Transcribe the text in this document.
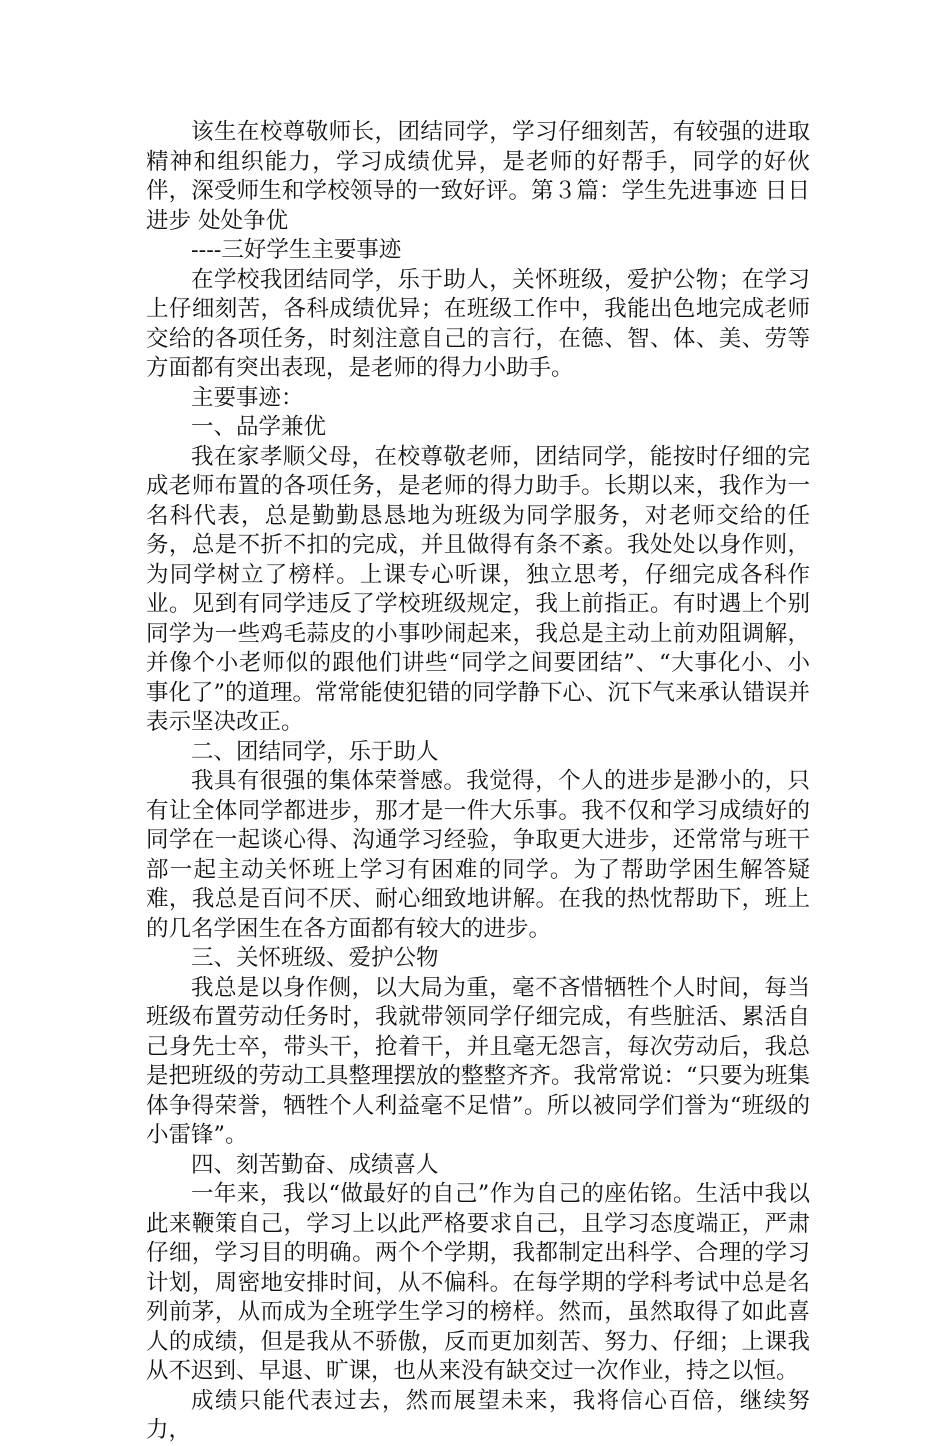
该生在校尊敬师长，团结同学，学习仔细刻苦，有较强的进取精神和组织能力，学习成绩优异，是老师的好帮手，同学的好伙伴，深受师生和学校领导的一致好评。第３篇：学生先进事迹 日日进步 处处争优

----三好学生主要事迹

在学校我团结同学，乐于助人，关怀班级，爱护公物；在学习上仔细刻苦，各科成绩优异；在班级工作中，我能出色地完成老师交给的各项任务，时刻注意自己的言行，在德、智、体、美、劳等方面都有突出表现，是老师的得力小助手。

主要事迹：

一、品学兼优

我在家孝顺父母，在校尊敬老师，团结同学，能按时仔细的完成老师布置的各项任务，是老师的得力助手。长期以来，我作为一名科代表，总是勤勤恳恳地为班级为同学服务，对老师交给的任务，总是不折不扣的完成，并且做得有条不紊。我处处以身作则，为同学树立了榜样。上课专心听课，独立思考，仔细完成各科作业。见到有同学违反了学校班级规定，我上前指正。有时遇上个别同学为一些鸡毛蒜皮的小事吵闹起来，我总是主动上前劝阻调解，并像个小老师似的跟他们讲些“同学之间要团结”、“大事化小、小事化了”的道理。常常能使犯错的同学静下心、沉下气来承认错误并表示坚决改正。

二、团结同学，乐于助人

我具有很强的集体荣誉感。我觉得，个人的进步是渺小的，只有让全体同学都进步，那才是一件大乐事。我不仅和学习成绩好的同学在一起谈心得、沟通学习经验，争取更大进步，还常常与班干部一起主动关怀班上学习有困难的同学。为了帮助学困生解答疑难，我总是百问不厌、耐心细致地讲解。在我的热忱帮助下，班上的几名学困生在各方面都有较大的进步。

三、关怀班级、爱护公物

我总是以身作侧，以大局为重，毫不吝惜牺牲个人时间，每当班级布置劳动任务时，我就带领同学仔细完成，有些脏活、累活自己身先士卒，带头干，抢着干，并且毫无怨言，每次劳动后，我总是把班级的劳动工具整理摆放的整整齐齐。我常常说：“只要为班集体争得荣誉，牺牲个人利益毫不足惜”。所以被同学们誉为“班级的小雷锋”。

四、刻苦勤奋、成绩喜人

一年来，我以“做最好的自己”作为自己的座佑铭。生活中我以此来鞭策自己，学习上以此严格要求自己，且学习态度端正，严肃仔细，学习目的明确。两个个学期，我都制定出科学、合理的学习计划，周密地安排时间，从不偏科。在每学期的学科考试中总是名列前茅，从而成为全班学生学习的榜样。然而，虽然取得了如此喜人的成绩，但是我从不骄傲，反而更加刻苦、努力、仔细；上课我从不迟到、早退、旷课，也从来没有缺交过一次作业，持之以恒。

成绩只能代表过去，然而展望未来，我将信心百倍，继续努力，
